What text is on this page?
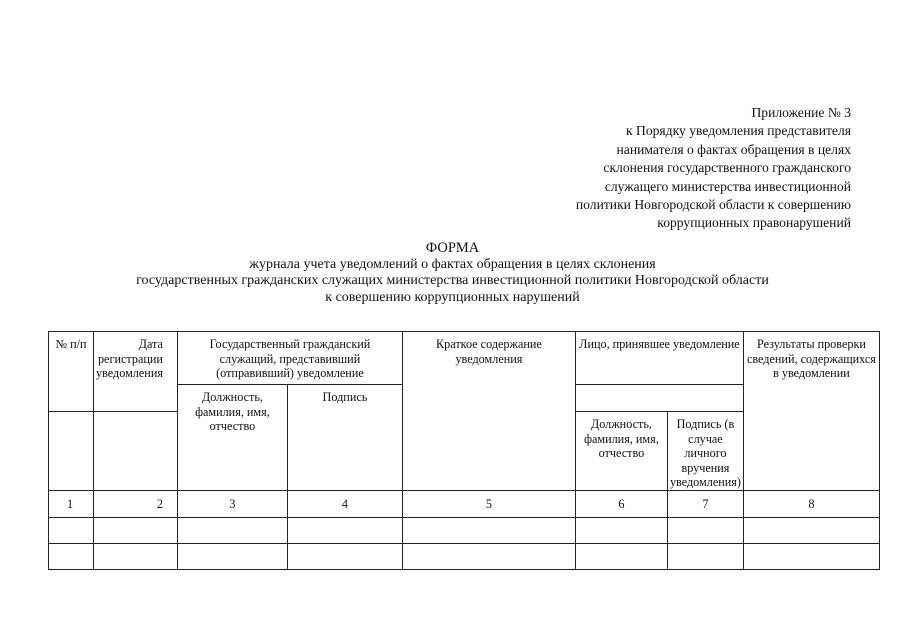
Приложение № 3
к Порядку уведомления представителя
нанимателя о фактах обращения в целях
склонения государственного гражданского
служащего министерства инвестиционной
политики Новгородской области к совершению
коррупционных правонарушений
ФОРМА
журнала учета уведомлений о фактах обращения в целях склонения
государственных гражданских служащих министерства инвестиционной политики Новгородской области
к совершению коррупционных нарушений
№ п/п	Дата регистрации уведомления	Государственный гражданский служащий, представивший (отправивший) уведомление		Краткое содержание уведомления	Лицо, принявшее уведомление		Результаты проверки сведений, содержащихся в уведомлении

		Должность, фамилия, имя, отчество	Подпись				

					Должность, фамилия, имя, отчество	Подпись (в случае личного вручения уведомления)	

1	2	3	4	5	6	7	8
